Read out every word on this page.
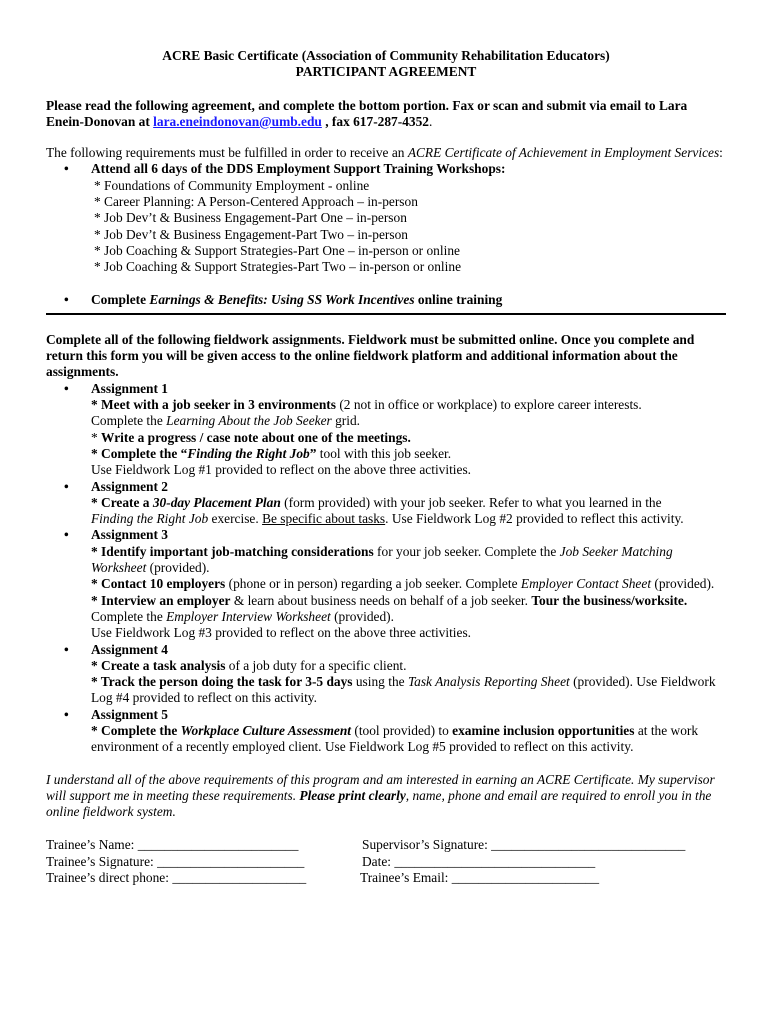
ACRE Basic Certificate (Association of Community Rehabilitation Educators)
PARTICIPANT AGREEMENT
Please read the following agreement, and complete the bottom portion. Fax or scan and submit via email to Lara Enein-Donovan at lara.eneindonovan@umb.edu , fax 617-287-4352.
The following requirements must be fulfilled in order to receive an ACRE Certificate of Achievement in Employment Services:
• Attend all 6 days of the DDS Employment Support Training Workshops:
* Foundations of Community Employment - online
* Career Planning: A Person-Centered Approach – in-person
* Job Dev’t & Business Engagement-Part One – in-person
* Job Dev’t & Business Engagement-Part Two – in-person
* Job Coaching & Support Strategies-Part One – in-person or online
* Job Coaching & Support Strategies-Part Two – in-person or online
• Complete Earnings & Benefits: Using SS Work Incentives online training
Complete all of the following fieldwork assignments. Fieldwork must be submitted online. Once you complete and return this form you will be given access to the online fieldwork platform and additional information about the assignments.
• Assignment 1
* Meet with a job seeker in 3 environments (2 not in office or workplace) to explore career interests.
Complete the Learning About the Job Seeker grid.
* Write a progress / case note about one of the meetings.
* Complete the “Finding the Right Job” tool with this job seeker.
Use Fieldwork Log #1 provided to reflect on the above three activities.
• Assignment 2
* Create a 30-day Placement Plan (form provided) with your job seeker. Refer to what you learned in the
Finding the Right Job exercise. Be specific about tasks. Use Fieldwork Log #2 provided to reflect this activity.
• Assignment 3
* Identify important job-matching considerations for your job seeker. Complete the Job Seeker Matching Worksheet (provided).
* Contact 10 employers (phone or in person) regarding a job seeker. Complete Employer Contact Sheet (provided).
* Interview an employer & learn about business needs on behalf of a job seeker. Tour the business/worksite.
Complete the Employer Interview Worksheet (provided).
Use Fieldwork Log #3 provided to reflect on the above three activities.
• Assignment 4
* Create a task analysis of a job duty for a specific client.
* Track the person doing the task for 3-5 days using the Task Analysis Reporting Sheet (provided). Use Fieldwork Log #4 provided to reflect on this activity.
• Assignment 5
* Complete the Workplace Culture Assessment (tool provided) to examine inclusion opportunities at the work environment of a recently employed client. Use Fieldwork Log #5 provided to reflect on this activity.
I understand all of the above requirements of this program and am interested in earning an ACRE Certificate. My supervisor will support me in meeting these requirements. Please print clearly, name, phone and email are required to enroll you in the online fieldwork system.
Trainee’s Name: ________________________	Supervisor’s Signature: _____________________________
Trainee’s Signature: ______________________	Date: ______________________________
Trainee’s direct phone: ____________________	Trainee’s Email: ______________________
